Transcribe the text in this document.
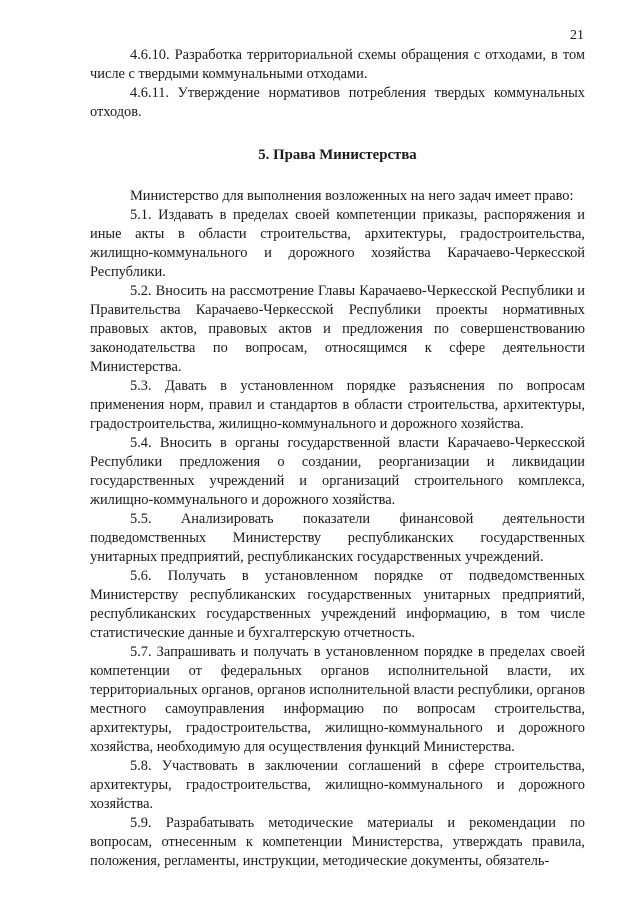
21

4.6.10. Разработка территориальной схемы обращения с отходами, в том числе с твердыми коммунальными отходами.

4.6.11. Утверждение нормативов потребления твердых коммунальных отходов.

5. Права Министерства

Министерство для выполнения возложенных на него задач имеет право:

5.1. Издавать в пределах своей компетенции приказы, распоряжения и иные акты в области строительства, архитектуры, градостроительства, жилищно-коммунального и дорожного хозяйства Карачаево-Черкесской Республики.

5.2. Вносить на рассмотрение Главы Карачаево-Черкесской Республики и Правительства Карачаево-Черкесской Республики проекты нормативных правовых актов, правовых актов и предложения по совершенствованию законодательства по вопросам, относящимся к сфере деятельности Министерства.

5.3. Давать в установленном порядке разъяснения по вопросам применения норм, правил и стандартов в области строительства, архитектуры, градостроительства, жилищно-коммунального и дорожного хозяйства.

5.4. Вносить в органы государственной власти Карачаево-Черкесской Республики предложения о создании, реорганизации и ликвидации государственных учреждений и организаций строительного комплекса, жилищно-коммунального и дорожного хозяйства.

5.5. Анализировать показатели финансовой деятельности подведомственных Министерству республиканских государственных унитарных предприятий, республиканских государственных учреждений.

5.6. Получать в установленном порядке от подведомственных Министерству республиканских государственных унитарных предприятий, республиканских государственных учреждений информацию, в том числе статистические данные и бухгалтерскую отчетность.

5.7. Запрашивать и получать в установленном порядке в пределах своей компетенции от федеральных органов исполнительной власти, их территориальных органов, органов исполнительной власти республики, органов местного самоуправления информацию по вопросам строительства, архитектуры, градостроительства, жилищно-коммунального и дорожного хозяйства, необходимую для осуществления функций Министерства.

5.8. Участвовать в заключении соглашений в сфере строительства, архитектуры, градостроительства, жилищно-коммунального и дорожного хозяйства.

5.9. Разрабатывать методические материалы и рекомендации по вопросам, отнесенным к компетенции Министерства, утверждать правила, положения, регламенты, инструкции, методические документы, обязатель-
